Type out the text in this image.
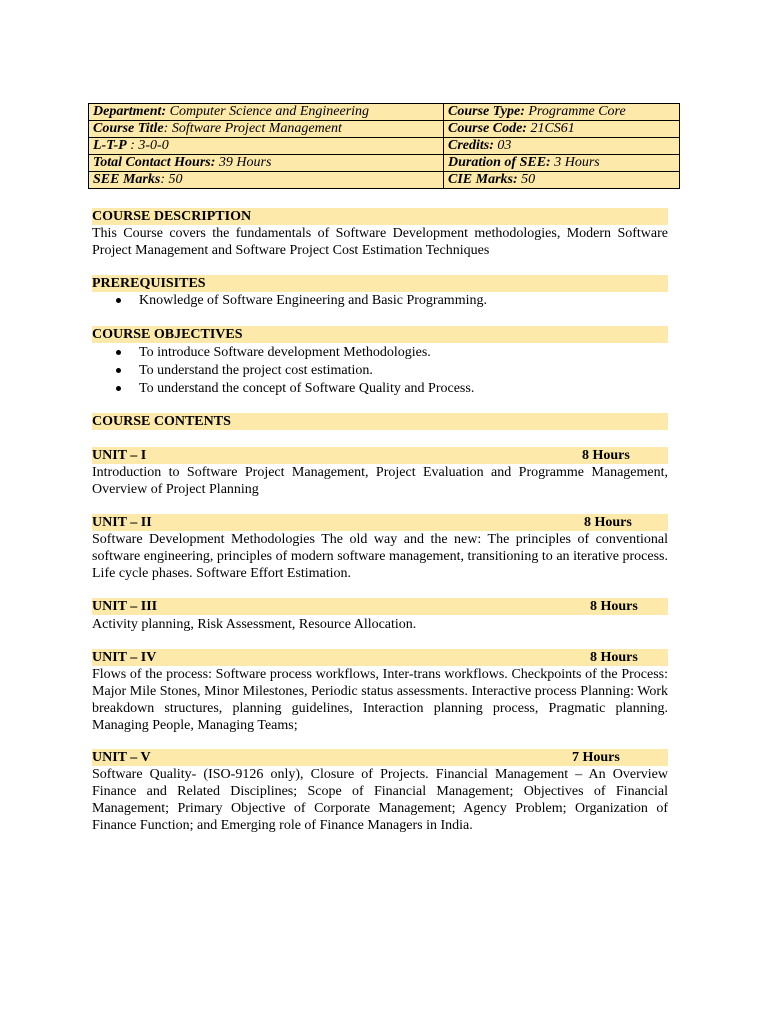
Department: Computer Science and Engineering	Course Type: Programme Core
Course Title: Software Project Management	Course Code: 21CS61
L-T-P : 3-0-0	Credits: 03
Total Contact Hours: 39 Hours	Duration of SEE: 3 Hours
SEE Marks: 50	CIE Marks: 50
COURSE DESCRIPTION
This Course covers the fundamentals of Software Development methodologies, Modern Software Project Management and Software Project Cost Estimation Techniques
PREREQUISITES
Knowledge of Software Engineering and Basic Programming.
COURSE OBJECTIVES
To introduce Software development Methodologies.
To understand the project cost estimation.
To understand the concept of Software Quality and Process.
COURSE CONTENTS
UNIT – I	8 Hours
Introduction to Software Project Management, Project Evaluation and Programme Management, Overview of Project Planning
UNIT – II	8 Hours
Software Development Methodologies The old way and the new: The principles of conventional software engineering, principles of modern software management, transitioning to an iterative process. Life cycle phases. Software Effort Estimation.
UNIT – III	8 Hours
Activity planning, Risk Assessment, Resource Allocation.
UNIT – IV	8 Hours
Flows of the process: Software process workflows, Inter-trans workflows. Checkpoints of the Process: Major Mile Stones, Minor Milestones, Periodic status assessments. Interactive process Planning: Work breakdown structures, planning guidelines, Interaction planning process, Pragmatic planning. Managing People, Managing Teams;
UNIT – V	7 Hours
Software Quality- (ISO-9126 only), Closure of Projects. Financial Management – An Overview Finance and Related Disciplines; Scope of Financial Management; Objectives of Financial Management; Primary Objective of Corporate Management; Agency Problem; Organization of Finance Function; and Emerging role of Finance Managers in India.
